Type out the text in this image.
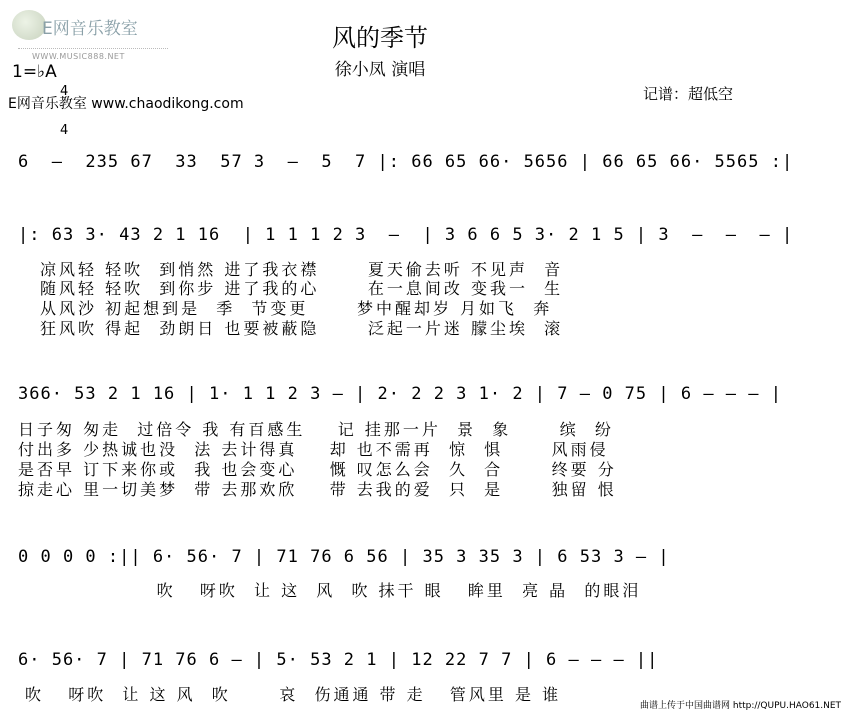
E网音乐教室

WWW.MUSIC888.NET

风的季节
徐小凤 演唱
1=♭A

4

4

E网音乐教室 www.chaodikong.com
记谱：超低空
6  –  235 67  33  57 3  –  5  7 |: 66 65 66· 5656 | 66 65 66· 5565 :|
|: 63 3· 43 2 1 16  | 1 1 1 2 3  –  | 3 6 6 5 3· 2 1 5 | 3  –  –  – |
凉风轻 轻吹  到悄然 进了我衣襟      夏天偷去听 不见声  音
随风轻 轻吹  到你步 进了我的心      在一息间改 变我一  生
从风沙 初起想到是  季  节变更      梦中醒却岁 月如飞  奔
狂风吹 得起  劲朗日 也要被蔽隐      泛起一片迷 朦尘埃  滚
366· 53 2 1 16 | 1· 1 1 2 3 – | 2· 2 2 3 1· 2 | 7 – 0 75 | 6 – – – |
日子匆 匆走  过倍令 我 有百感生    记 挂那一片  景  象      缤  纷
付出多 少热诚也没  法 去计得真    却 也不需再  惊  惧      风雨侵
是否早 订下来你或  我 也会变心    慨 叹怎么会  久  合      终要 分
掠走心 里一切美梦  带 去那欢欣    带 去我的爱  只  是      独留 恨
0 0 0 0 :|| 6· 56· 7 | 71 76 6 56 | 35 3 35 3 | 6 53 3 – |
吹   呀吹  让 这  风  吹 抹干 眼   眸里  亮 晶  的眼泪
6· 56· 7 | 71 76 6 – | 5· 53 2 1 | 12 22 7 7 | 6 – – – ||
吹   呀吹  让 这 风  吹      哀  伤通通 带 走   管风里 是 谁
曲谱上传于中国曲谱网 http://QUPU.HAO61.NET
